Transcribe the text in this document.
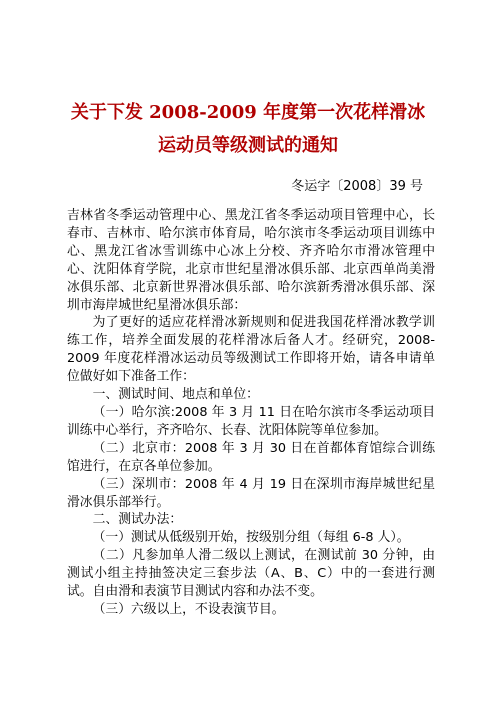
关于下发 2008-2009 年度第一次花样滑冰
运动员等级测试的通知

冬运字〔2008〕39 号

吉林省冬季运动管理中心、黑龙江省冬季运动项目管理中心，长春市、吉林市、哈尔滨市体育局，哈尔滨市冬季运动项目训练中心、黑龙江省冰雪训练中心冰上分校、齐齐哈尔市滑冰管理中心、沈阳体育学院，北京市世纪星滑冰俱乐部、北京西单尚美滑冰俱乐部、北京新世界滑冰俱乐部、哈尔滨新秀滑冰俱乐部、深圳市海岸城世纪星滑冰俱乐部：

为了更好的适应花样滑冰新规则和促进我国花样滑冰教学训练工作，培养全面发展的花样滑冰后备人才。经研究，2008-2009 年度花样滑冰运动员等级测试工作即将开始，请各申请单位做好如下准备工作：

一、测试时间、地点和单位：

（一）哈尔滨:2008 年 3 月 11 日在哈尔滨市冬季运动项目训练中心举行，齐齐哈尔、长春、沈阳体院等单位参加。

（二）北京市：2008 年 3 月 30 日在首都体育馆综合训练馆进行，在京各单位参加。

（三）深圳市：2008 年 4 月 19 日在深圳市海岸城世纪星滑冰俱乐部举行。

二、测试办法：

（一）测试从低级别开始，按级别分组（每组 6-8 人）。

（二）凡参加单人滑二级以上测试，在测试前 30 分钟，由测试小组主持抽签决定三套步法（A、B、C）中的一套进行测试。自由滑和表演节目测试内容和办法不变。

（三）六级以上，不设表演节目。
